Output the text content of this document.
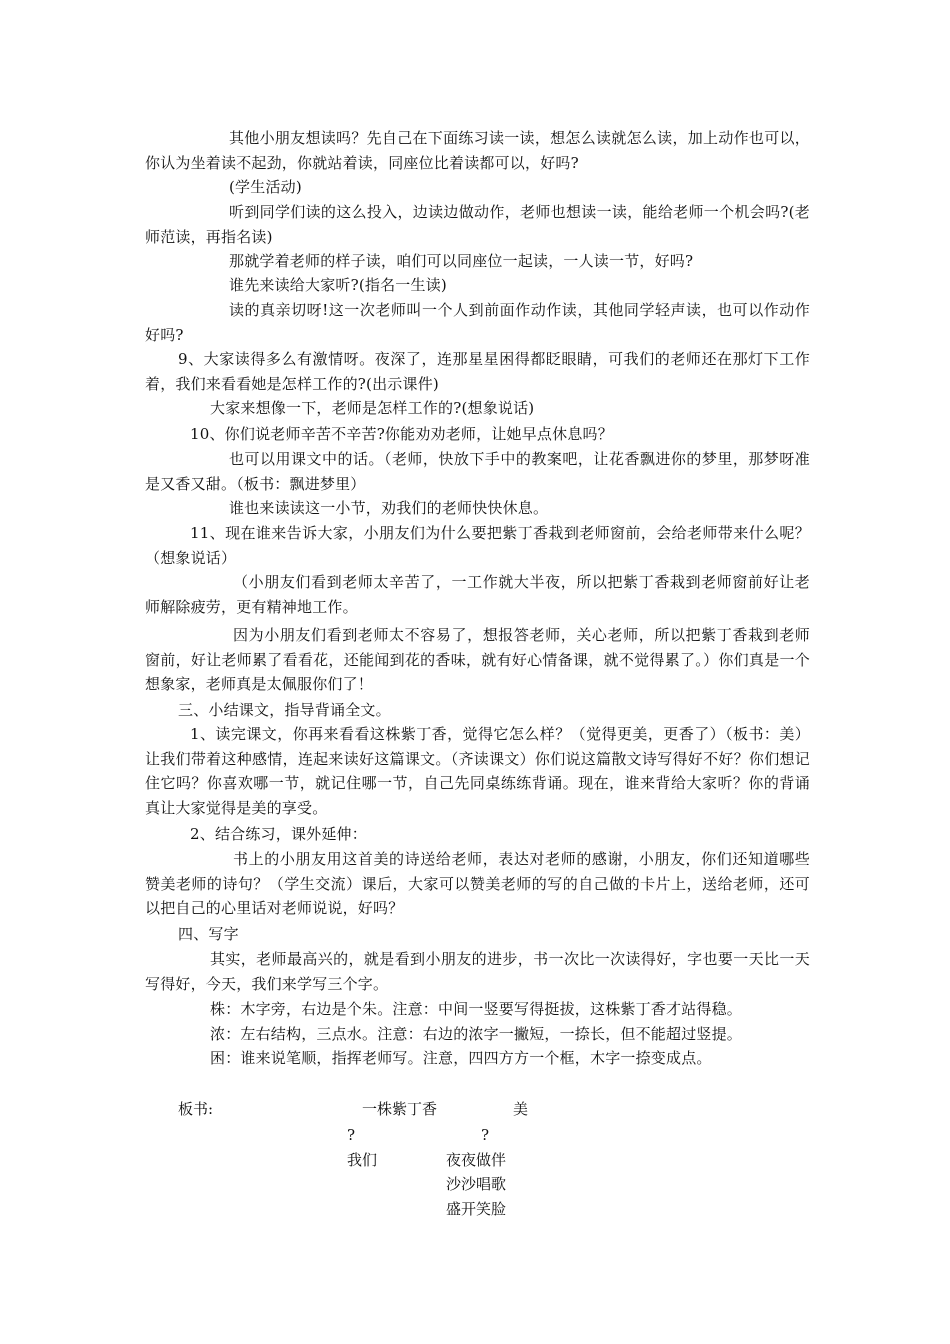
其他小朋友想读吗？先自己在下面练习读一读，想怎么读就怎么读，加上动作也可以，你认为坐着读不起劲，你就站着读，同座位比着读都可以，好吗?

(学生活动)

听到同学们读的这么投入，边读边做动作，老师也想读一读，能给老师一个机会吗?(老师范读，再指名读)

那就学着老师的样子读，咱们可以同座位一起读，一人读一节，好吗?

谁先来读给大家听?(指名一生读)

读的真亲切呀!这一次老师叫一个人到前面作动作读，其他同学轻声读，也可以作动作好吗?

9、大家读得多么有激情呀。夜深了，连那星星困得都眨眼睛，可我们的老师还在那灯下工作着，我们来看看她是怎样工作的?(出示课件)

大家来想像一下，老师是怎样工作的?(想象说话)

10、你们说老师辛苦不辛苦?你能劝劝老师，让她早点休息吗？

也可以用课文中的话。（老师，快放下手中的教案吧，让花香飘进你的梦里，那梦呀准是又香又甜。（板书：飘进梦里）

谁也来读读这一小节，劝我们的老师快快休息。

11、现在谁来告诉大家，小朋友们为什么要把紫丁香栽到老师窗前，会给老师带来什么呢？（想象说话）

（小朋友们看到老师太辛苦了，一工作就大半夜，所以把紫丁香栽到老师窗前好让老师解除疲劳，更有精神地工作。

因为小朋友们看到老师太不容易了，想报答老师，关心老师，所以把紫丁香栽到老师窗前，好让老师累了看看花，还能闻到花的香味，就有好心情备课，就不觉得累了。）你们真是一个想象家，老师真是太佩服你们了！

三、小结课文，指导背诵全文。

1、读完课文，你再来看看这株紫丁香，觉得它怎么样？（觉得更美，更香了）（板书：美）让我们带着这种感情，连起来读好这篇课文。（齐读课文）你们说这篇散文诗写得好不好？你们想记住它吗？你喜欢哪一节，就记住哪一节，自己先同桌练练背诵。现在，谁来背给大家听？你的背诵真让大家觉得是美的享受。

2、结合练习，课外延伸：

书上的小朋友用这首美的诗送给老师，表达对老师的感谢，小朋友，你们还知道哪些赞美老师的诗句？（学生交流）课后，大家可以赞美老师的写的自己做的卡片上，送给老师，还可以把自己的心里话对老师说说，好吗？

四、写字

其实，老师最高兴的，就是看到小朋友的进步，书一次比一次读得好，字也要一天比一天写得好，今天，我们来学写三个字。

株：木字旁，右边是个朱。注意：中间一竖要写得挺拔，这株紫丁香才站得稳。

浓：左右结构，三点水。注意：右边的浓字一撇短，一捺长，但不能超过竖提。

困：谁来说笔顺，指挥老师写。注意，四四方方一个框，木字一捺变成点。

板书:	一株紫丁香	美
?	?
我们	夜夜做伴
沙沙唱歌
盛开笑脸
